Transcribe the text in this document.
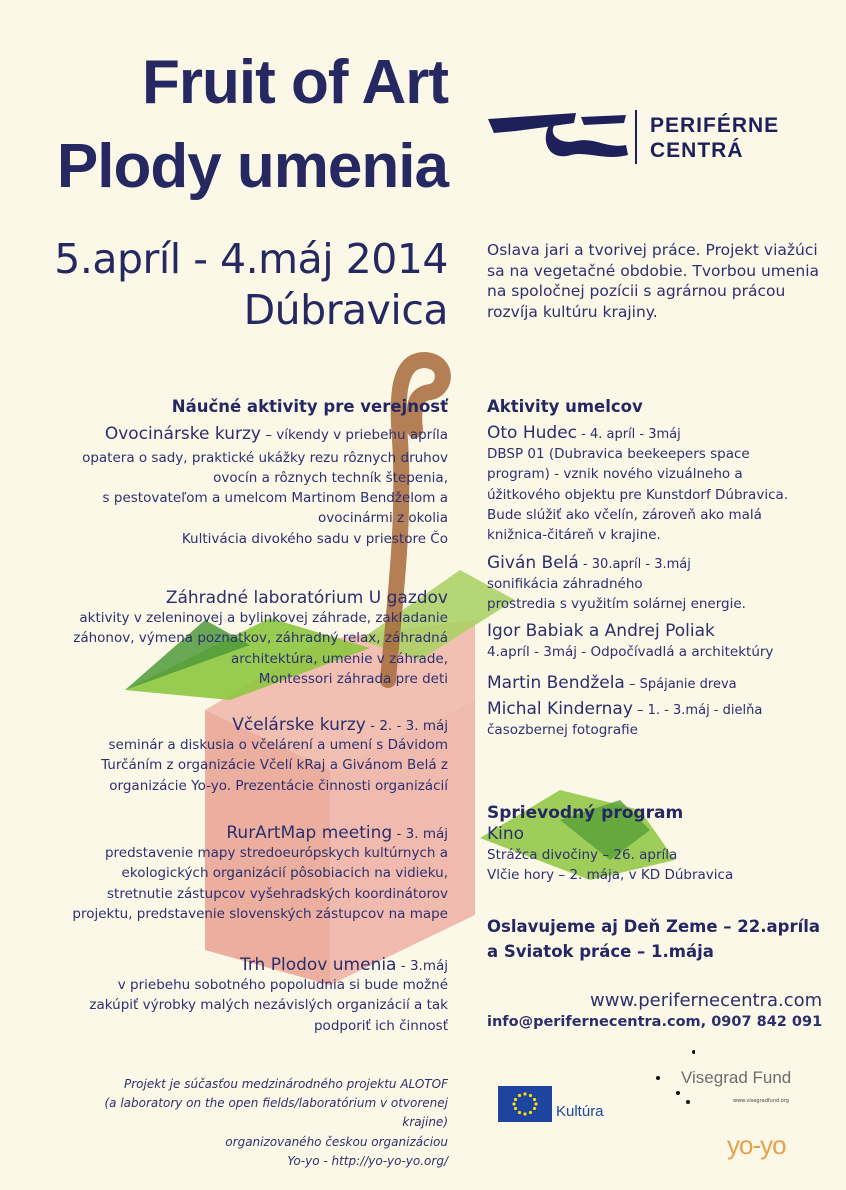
Fruit of Art
Plody umenia
5.apríl - 4.máj 2014
Dúbravica
PERIFÉRNE
CENTRÁ
Oslava jari a tvorivej práce. Projekt viažúci sa na vegetačné obdobie. Tvorbou umenia na spoločnej pozícii s agrárnou prácou rozvíja kultúru krajiny.
Náučné aktivity pre verejnosť
Ovocinárske kurzy – víkendy v priebehu apríla
opatera o sady, praktické ukážky rezu rôznych druhov
ovocín a rôznych techník štepenia,
s pestovateľom a umelcom Martinom Bendželom a
ovocinármi z okolia
Kultivácia divokého sadu v priestore Čo
Záhradné laboratórium U gazdov
aktivity v zeleninovej a bylinkovej záhrade, zakladanie
záhonov, výmena poznatkov, záhradný relax, záhradná
architektúra, umenie v záhrade,
Montessori záhrada pre deti
Včelárske kurzy - 2. - 3. máj
seminár a diskusia o včelárení a umení s Dávidom
Turčáním z organizácie Včelí kRaj a Givánom Belá z
organizácie Yo-yo. Prezentácie činnosti organizácií
RurArtMap meeting - 3. máj
predstavenie mapy stredoeurópskych kultúrnych a
ekologických organizácií pôsobiacich na vidieku,
stretnutie zástupcov vyšehradských koordinátorov
projektu, predstavenie slovenských zástupcov na mape
Trh Plodov umenia - 3.máj
v priebehu sobotného popoludnia si bude možné
zakúpiť výrobky malých nezávislých organizácií a tak
podporiť ich činnosť
Aktivity umelcov
Oto Hudec - 4. apríl - 3máj
DBSP 01 (Dubravica beekeepers space
program) - vznik nového vizuálneho a
úžitkového objektu pre Kunstdorf Dúbravica.
Bude slúžiť ako včelín, zároveň ako malá
knižnica-čitáreň v krajine.
Giván Belá - 30.apríl - 3.máj
sonifikácia záhradného
prostredia s využitím solárnej energie.
Igor Babiak a Andrej Poliak
4.apríl - 3máj - Odpočívadlá a architektúry
Martin Bendžela – Spájanie dreva
Michal Kindernay – 1. - 3.máj - dielňa
časozbernej fotografie
Sprievodný program
Kino
Strážca divočiny – 26. apríla
Vlčie hory – 2. mája, v KD Dúbravica
Oslavujeme aj Deň Zeme – 22.apríla
a Sviatok práce – 1.mája
www.perifernecentra.com
info@perifernecentra.com, 0907 842 091
Projekt je súčasťou medzinárodného projektu ALOTOF
(a laboratory on the open fields/laboratórium v otvorenej krajine)
organizovaného českou organizáciou
Yo-yo - http://yo-yo-yo.org/
Kultúra
Visegrad Fund
www.visegradfund.org
yo-yo
